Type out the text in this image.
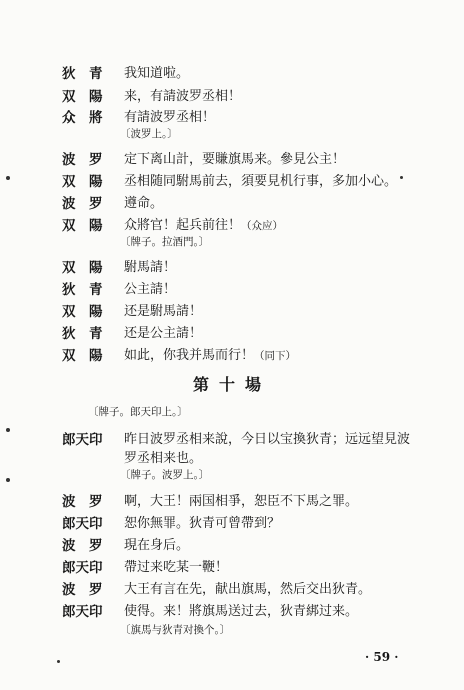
狄　青	我知道啦。
双　陽	来，有請波罗丞相！
众　將	有請波罗丞相！
〔波罗上。〕
波　罗	定下离山計，要賺旗馬来。參見公主！
双　陽	丞相随同駙馬前去，須要見机行事，多加小心。
波　罗	遵命。
双　陽	众將官！起兵前往！（众应）
〔牌子。拉酒門。〕
双　陽	駙馬請！
狄　青	公主請！
双　陽	还是駙馬請！
狄　青	还是公主請！
双　陽	如此，你我并馬而行！（同下）
第十場
〔牌子。郎天印上。〕
郎天印	昨日波罗丞相来說，今日以宝換狄青；远远望見波
罗丞相来也。
〔牌子。波罗上。〕
波　罗	啊，大王！兩国相爭，恕臣不下馬之罪。
郎天印	恕你無罪。狄青可曾帶到？
波　罗	現在身后。
郎天印	帶过来吃某一鞭！
波　罗	大王有言在先，献出旗馬，然后交出狄青。
郎天印	使得。来！將旗馬送过去，狄青綁过来。
〔旗馬与狄青对換个。〕
· 59 ·
